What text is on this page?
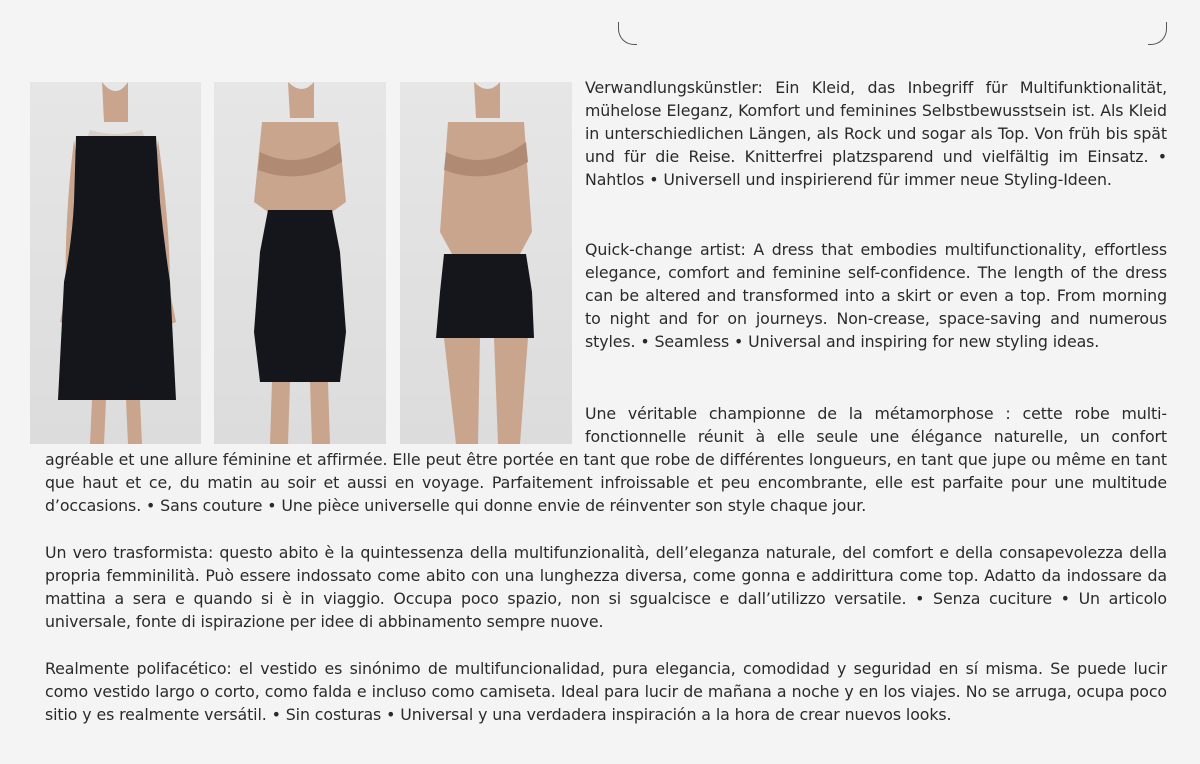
Verwandlungskünstler: Ein Kleid, das Inbegriff für Multifunktionalität, mühelose Eleganz, Komfort und feminines Selbstbewusstsein ist. Als Kleid in unterschiedlichen Längen, als Rock und sogar als Top. Von früh bis spät und für die Reise. Knitterfrei platzsparend und vielfältig im Einsatz. • Nahtlos • Universell und inspirierend für immer neue Styling-Ideen.

Quick-change artist: A dress that embodies multifunctionality, effortless elegance, comfort and feminine self-confidence. The length of the dress can be altered and transformed into a skirt or even a top. From morning to night and for on journeys. Non-crease, space-saving and numerous styles. • Seamless • Universal and inspiring for new styling ideas.

Une véritable championne de la métamorphose : cette robe multi-fonctionnelle réunit à elle seule une élégance naturelle, un confort

agréable et une allure féminine et affirmée. Elle peut être portée en tant que robe de différentes longueurs, en tant que jupe ou même en tant que haut et ce, du matin au soir et aussi en voyage. Parfaitement infroissable et peu encombrante, elle est parfaite pour une multitude d’occasions. • Sans couture • Une pièce universelle qui donne envie de réinventer son style chaque jour.

Un vero trasformista: questo abito è la quintessenza della multifunzionalità, dell’eleganza naturale, del comfort e della consapevolezza della propria femminilità. Può essere indossato come abito con una lunghezza diversa, come gonna e addirittura come top. Adatto da indossare da mattina a sera e quando si è in viaggio. Occupa poco spazio, non si sgualcisce e dall’utilizzo versatile. • Senza cuciture • Un articolo universale, fonte di ispirazione per idee di abbinamento sempre nuove.

Realmente polifacético: el vestido es sinónimo de multifuncionalidad, pura elegancia, comodidad y seguridad en sí misma. Se puede lucir como vestido largo o corto, como falda e incluso como camiseta. Ideal para lucir de mañana a noche y en los viajes. No se arruga, ocupa poco sitio y es realmente versátil. • Sin costuras • Universal y una verdadera inspiración a la hora de crear nuevos looks.
